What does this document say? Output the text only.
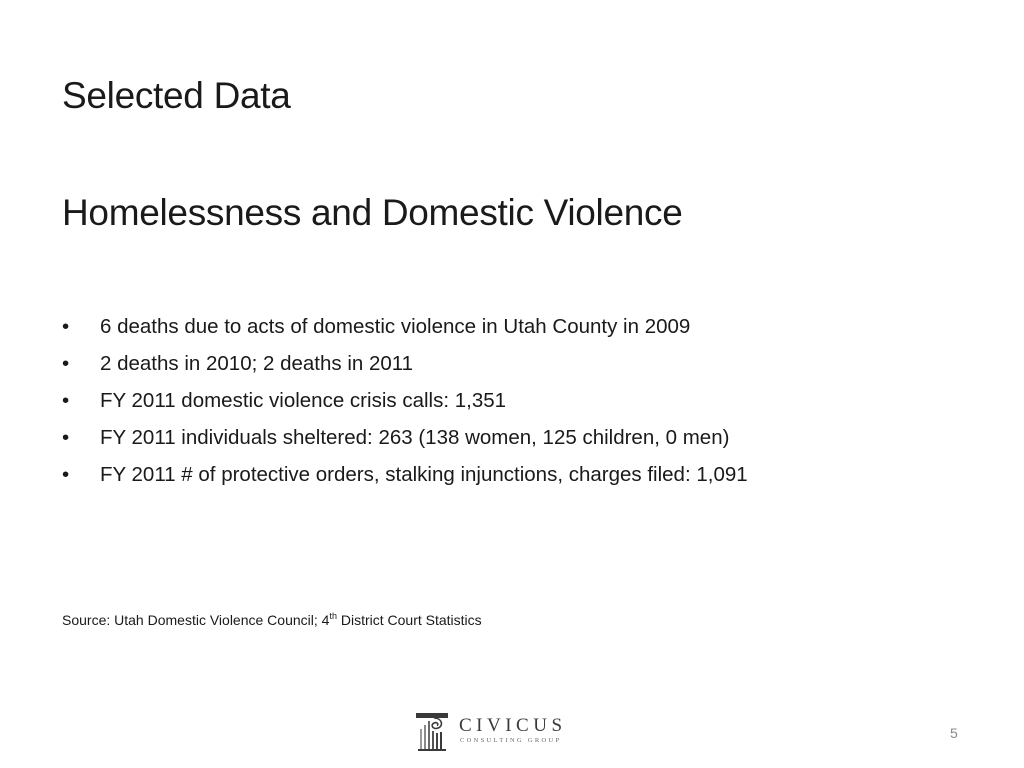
Selected Data
Homelessness and Domestic Violence
•	6 deaths due to acts of domestic violence in Utah County in 2009
•	2 deaths in 2010; 2 deaths in 2011
•	FY 2011 domestic violence crisis calls: 1,351
•	FY 2011 individuals sheltered: 263 (138 women, 125 children, 0 men)
•	FY 2011 # of protective orders, stalking injunctions, charges filed: 1,091
Source: Utah Domestic Violence Council; 4th District Court Statistics
CIVICUS
CONSULTING GROUP	5
